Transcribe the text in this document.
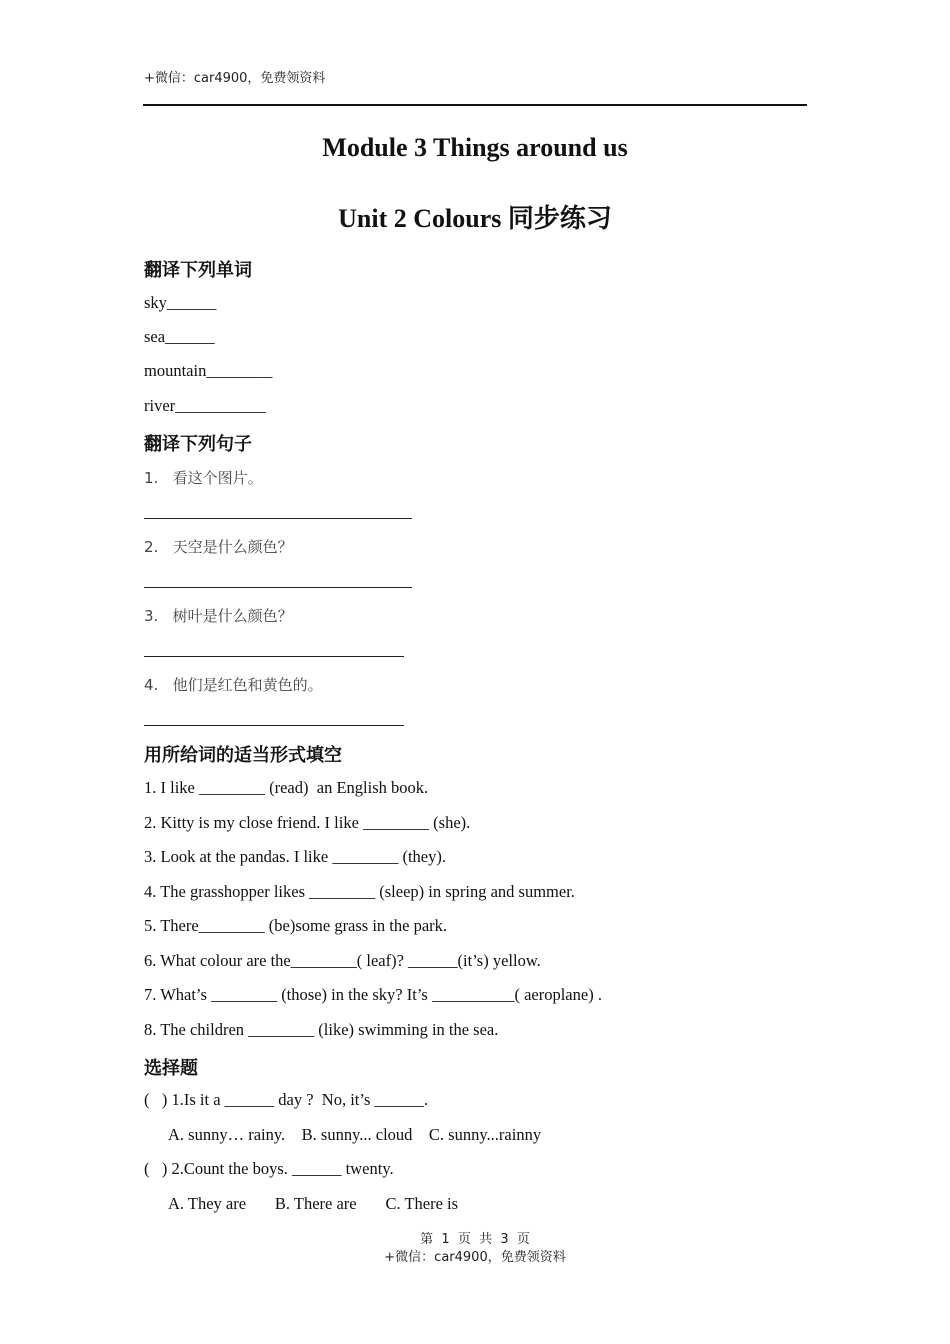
+微信：car4900，免费领资料
Module 3 Things around us
Unit 2 Colours 同步练习
翻译下列单词
sky______
sea______
mountain________
river___________
翻译下列句子
1.   看这个图片。
2.   天空是什么颜色？
3.   树叶是什么颜色？
4.   他们是红色和黄色的。
用所给词的适当形式填空
1. I like ________ (read)  an English book.
2. Kitty is my close friend. I like ________ (she).
3. Look at the pandas. I like ________ (they).
4. The grasshopper likes ________ (sleep) in spring and summer.
5. There________ (be)some grass in the park.
6. What colour are the________( leaf)? ______(it’s) yellow.
7. What’s ________ (those) in the sky? It’s __________( aeroplane) .
8. The children ________ (like) swimming in the sea.
选择题
(   ) 1.Is it a ______ day ?  No, it’s ______.
A. sunny… rainy.    B. sunny... cloud    C. sunny...rainny
(   ) 2.Count the boys. ______ twenty.
A. They are       B. There are       C. There is
第  1  页  共  3  页
+微信：car4900，免费领资料
